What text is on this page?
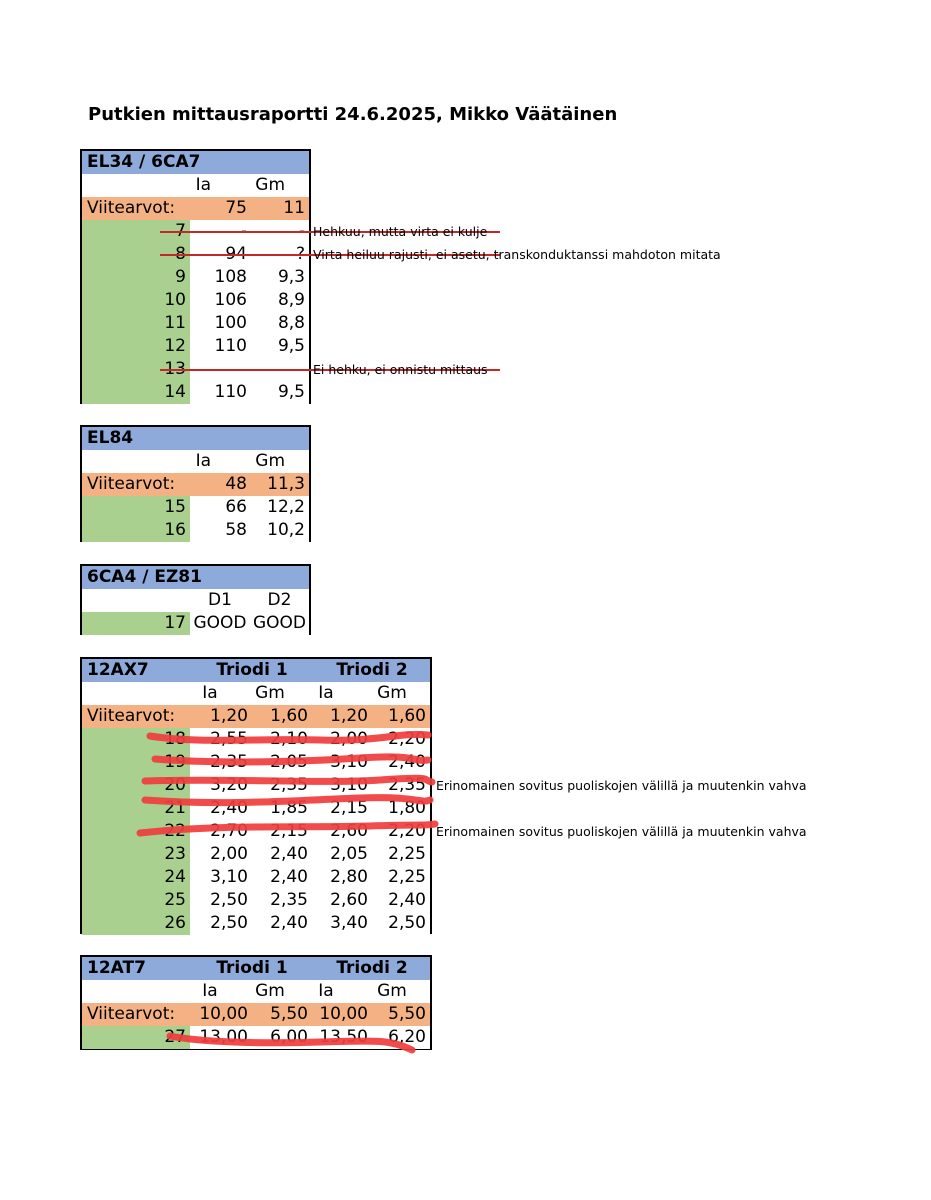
Putkien mittausraportti 24.6.2025, Mikko Väätäinen
EL34 / 6CA7
Ia	Gm
Viitearvot:	75 11
7	-	-
8 94	?
9 108 9,3
10 106 8,9
11 100 8,8
12 110 9,5
13
14 110 9,5
EL84
Ia	Gm
Viitearvot:	48 11,3
15 66 12,2
16 58 10,2
6CA4 / EZ81
D1	D2
17 GOOD GOOD
12AX7	Triodi 1	Triodi 2
Ia	Gm	Ia	Gm
Viitearvot: 1,20 1,60 1,20 1,60
18 2,55 2,10 2,00 2,20
19 2,35 2,05 3,10 2,40
20 3,20 2,35 3,10 2,35
21 2,40 1,85 2,15 1,80
22 2,70 2,15 2,60 2,20
23 2,00 2,40 2,05 2,25
24 3,10 2,40 2,80 2,25
25 2,50 2,35 2,60 2,40
26 2,50 2,40 3,40 2,50
12AT7	Triodi 1	Triodi 2
Ia	Gm	Ia	Gm
Viitearvot: 10,00 5,50 10,00 5,50
27 13,00 6,00 13,50 6,20
Hehkuu, mutta virta ei kulje
Virta heiluu rajusti, ei asetu, transkonduktanssi mahdoton mitata
Ei hehku, ei onnistu mittaus
Erinomainen sovitus puoliskojen välillä ja muutenkin vahva
Erinomainen sovitus puoliskojen välillä ja muutenkin vahva
